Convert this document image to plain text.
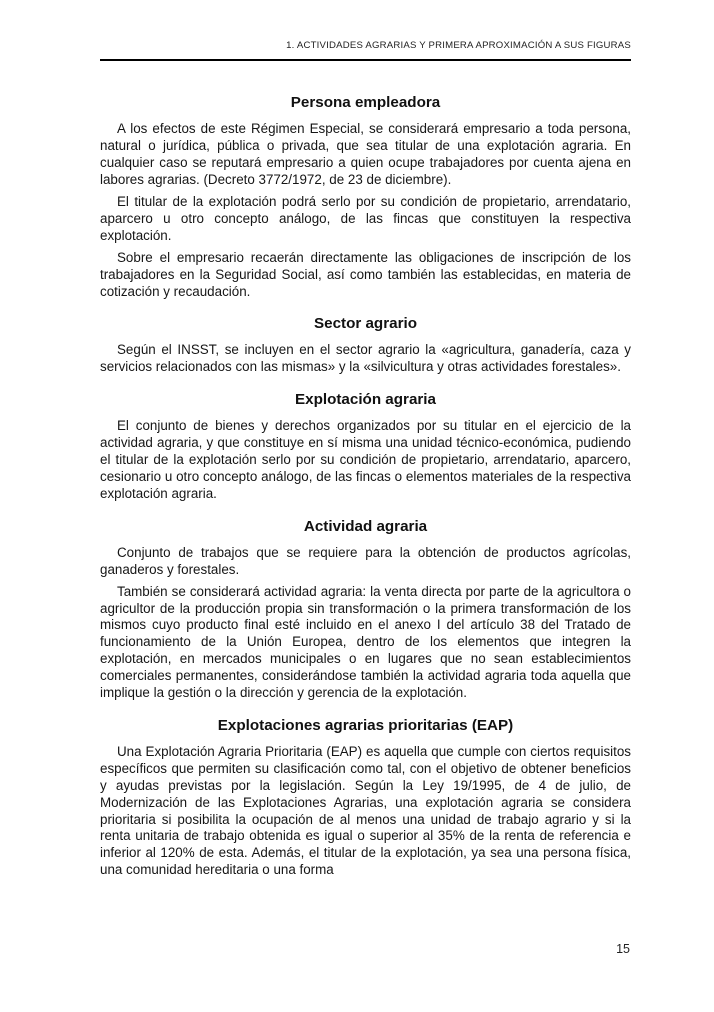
1. ACTIVIDADES AGRARIAS Y PRIMERA APROXIMACIÓN A SUS FIGURAS
Persona empleadora

A los efectos de este Régimen Especial, se considerará empresario a toda persona, natural o jurídica, pública o privada, que sea titular de una explotación agraria. En cualquier caso se reputará empresario a quien ocupe trabajadores por cuenta ajena en labores agrarias. (Decreto 3772/1972, de 23 de diciembre).

El titular de la explotación podrá serlo por su condición de propietario, arrendatario, aparcero u otro concepto análogo, de las fincas que constituyen la respectiva explotación.

Sobre el empresario recaerán directamente las obligaciones de inscripción de los trabajadores en la Seguridad Social, así como también las establecidas, en materia de cotización y recaudación.

Sector agrario

Según el INSST, se incluyen en el sector agrario la «agricultura, ganadería, caza y servicios relacionados con las mismas» y la «silvicultura y otras actividades forestales».

Explotación agraria

El conjunto de bienes y derechos organizados por su titular en el ejercicio de la actividad agraria, y que constituye en sí misma una unidad técnico-económica, pudiendo el titular de la explotación serlo por su condición de propietario, arrendatario, aparcero, cesionario u otro concepto análogo, de las fincas o elementos materiales de la respectiva explotación agraria.

Actividad agraria

Conjunto de trabajos que se requiere para la obtención de productos agrícolas, ganaderos y forestales.

También se considerará actividad agraria: la venta directa por parte de la agricultora o agricultor de la producción propia sin transformación o la primera transformación de los mismos cuyo producto final esté incluido en el anexo I del artículo 38 del Tratado de funcionamiento de la Unión Europea, dentro de los elementos que integren la explotación, en mercados municipales o en lugares que no sean establecimientos comerciales permanentes, considerándose también la actividad agraria toda aquella que implique la gestión o la dirección y gerencia de la explotación.

Explotaciones agrarias prioritarias (EAP)

Una Explotación Agraria Prioritaria (EAP) es aquella que cumple con ciertos requisitos específicos que permiten su clasificación como tal, con el objetivo de obtener beneficios y ayudas previstas por la legislación. Según la Ley 19/1995, de 4 de julio, de Modernización de las Explotaciones Agrarias, una explotación agraria se considera prioritaria si posibilita la ocupación de al menos una unidad de trabajo agrario y si la renta unitaria de trabajo obtenida es igual o superior al 35% de la renta de referencia e inferior al 120% de esta. Además, el titular de la explotación, ya sea una persona física, una comunidad hereditaria o una forma

15
